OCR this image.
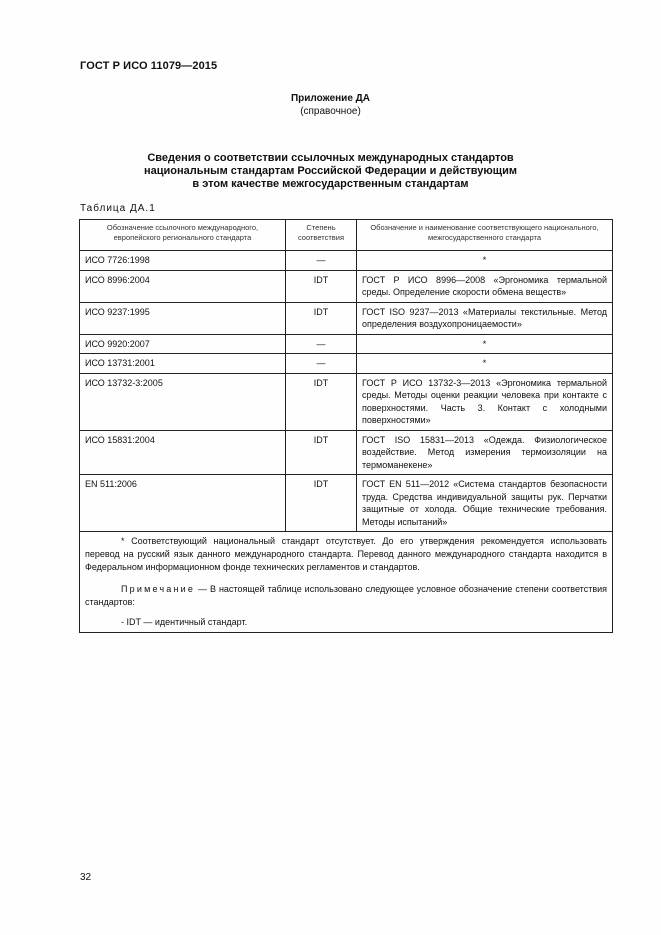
ГОСТ Р ИСО 11079—2015
Приложение ДА
(справочное)
Сведения о соответствии ссылочных международных стандартов
национальным стандартам Российской Федерации и действующим
в этом качестве межгосударственным стандартам
Таблица ДА.1
Обозначение ссылочного международного, европейского регионального стандарта	Степень соответствия	Обозначение и наименование соответствующего национального, межгосударственного стандарта
ИСО 7726:1998	—	*
ИСО 8996:2004	IDT	ГОСТ Р ИСО 8996—2008 «Эргономика термальной среды. Определение скорости обмена веществ»
ИСО 9237:1995	IDT	ГОСТ ISO 9237—2013 «Материалы текстильные. Метод определения воздухопроницаемости»
ИСО 9920:2007	—	*
ИСО 13731:2001	—	*
ИСО 13732-3:2005	IDT	ГОСТ Р ИСО 13732-3—2013 «Эргономика термальной среды. Методы оценки реакции человека при контакте с поверхностями. Часть 3. Контакт с холодными поверхностями»
ИСО 15831:2004	IDT	ГОСТ ISO 15831—2013 «Одежда. Физиологическое воздействие. Метод измерения термоизоляции на термоманекене»
EN 511:2006	IDT	ГОСТ EN 511—2012 «Система стандартов безопасности труда. Средства индивидуальной защиты рук. Перчатки защитные от холода. Общие технические требования. Методы испытаний»

* Соответствующий национальный стандарт отсутствует. До его утверждения рекомендуется использовать перевод на русский язык данного международного стандарта. Перевод данного международного стандарта находится в Федеральном информационном фонде технических регламентов и стандартов.

Примечание — В настоящей таблице использовано следующее условное обозначение степени соответствия стандартов:

- IDT — идентичный стандарт.		

32
